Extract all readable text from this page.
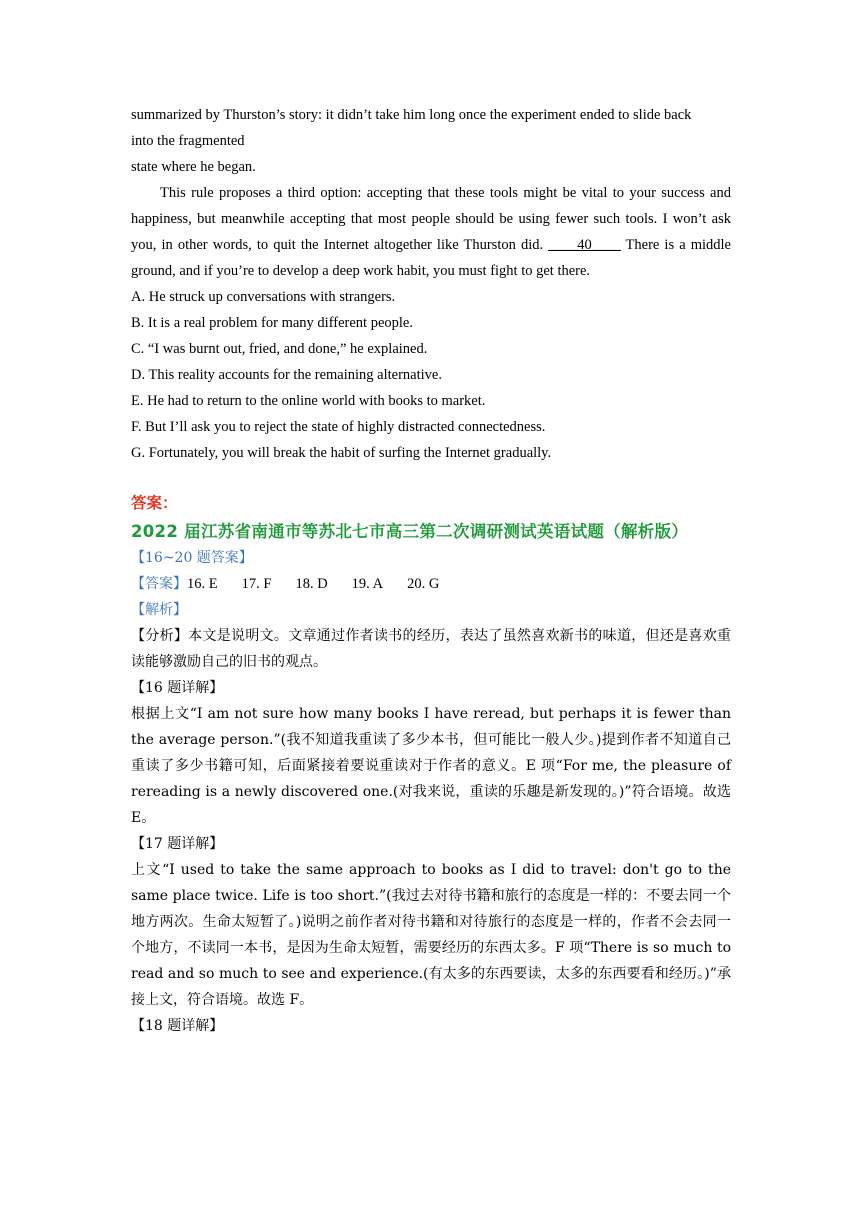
summarized by Thurston’s story: it didn’t take him long once the experiment ended to slide back

into the fragmented

state where he began.

This rule proposes a third option: accepting that these tools might be vital to your success and happiness, but meanwhile accepting that most people should be using fewer such tools. I won’t ask you, in other words, to quit the Internet altogether like Thurston did. ____40____ There is a middle ground, and if you’re to develop a deep work habit, you must fight to get there.

A. He struck up conversations with strangers.

B. It is a real problem for many different people.

C. “I was burnt out, fried, and done,” he explained.

D. This reality accounts for the remaining alternative.

E. He had to return to the online world with books to market.

F. But I’ll ask you to reject the state of highly distracted connectedness.

G. Fortunately, you will break the habit of surfing the Internet gradually.

答案：
2022 届江苏省南通市等苏北七市高三第二次调研测试英语试题（解析版）

【16~20 题答案】

【答案】16. E 17. F 18. D 19. A 20. G

【解析】

【分析】本文是说明文。文章通过作者读书的经历，表达了虽然喜欢新书的味道，但还是喜欢重读能够激励自己的旧书的观点。

【16 题详解】

根据上文“I am not sure how many books I have reread, but perhaps it is fewer than the average person.”(我不知道我重读了多少本书，但可能比一般人少。)提到作者不知道自己重读了多少书籍可知，后面紧接着要说重读对于作者的意义。E 项“For me, the pleasure of rereading is a newly discovered one.(对我来说，重读的乐趣是新发现的。)”符合语境。故选 E。

【17 题详解】

上文“I used to take the same approach to books as I did to travel: don't go to the same place twice. Life is too short.”(我过去对待书籍和旅行的态度是一样的：不要去同一个地方两次。生命太短暂了。)说明之前作者对待书籍和对待旅行的态度是一样的，作者不会去同一个地方，不读同一本书，是因为生命太短暂，需要经历的东西太多。F 项“There is so much to read and so much to see and experience.(有太多的东西要读，太多的东西要看和经历。)”承接上文，符合语境。故选 F。

【18 题详解】
